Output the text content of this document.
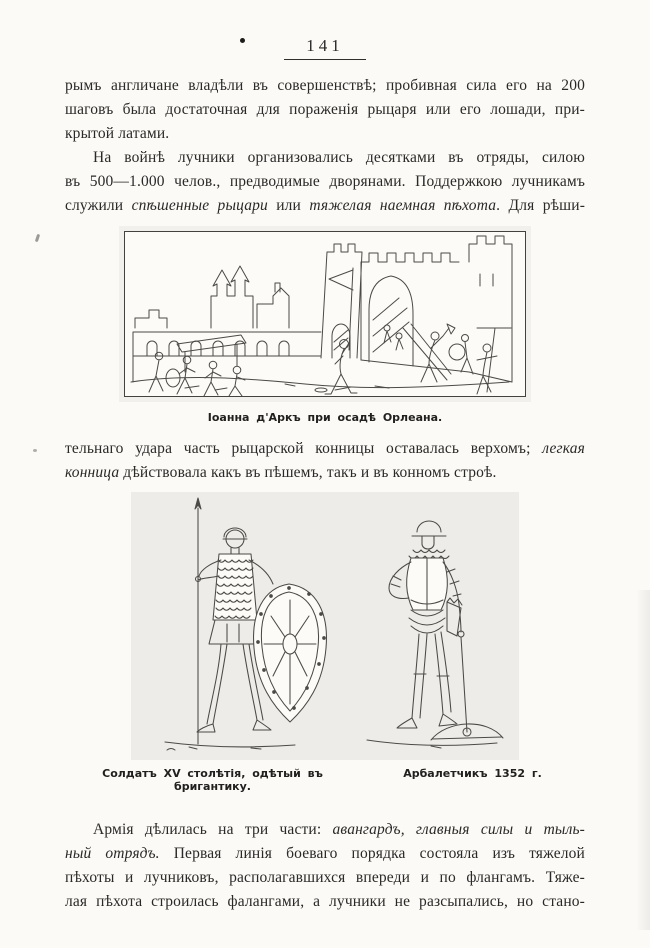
141
рымъ англичане владѣли въ совершенствѣ; пробивная сила его на 200
шаговъ была достаточная для пораженія рыцаря или его лошади, при-
крытой латами.
На войнѣ лучники организовались десятками въ отряды, силою
въ 500—1.000 челов., предводимые дворянами. Поддержкою лучникамъ
служили спѣшенные рыцари или тяжелая наемная пѣхота. Для рѣши-
Іоанна д'Аркъ при осадѣ Орлеана.
тельнаго удара часть рыцарской конницы оставалась верхомъ; легкая
конница дѣйствовала какъ въ пѣшемъ, такъ и въ конномъ строѣ.
Солдатъ XV столѣтія, одѣтый въ бригантику.
Арбалетчикъ 1352 г.
Армія дѣлилась на три части: авангардъ, главныя силы и тыль-
ный отрядъ. Первая линія боеваго порядка состояла изъ тяжелой
пѣхоты и лучниковъ, располагавшихся впереди и по флангамъ. Тяже-
лая пѣхота строилась фалангами, а лучники не разсыпались, но стано-
